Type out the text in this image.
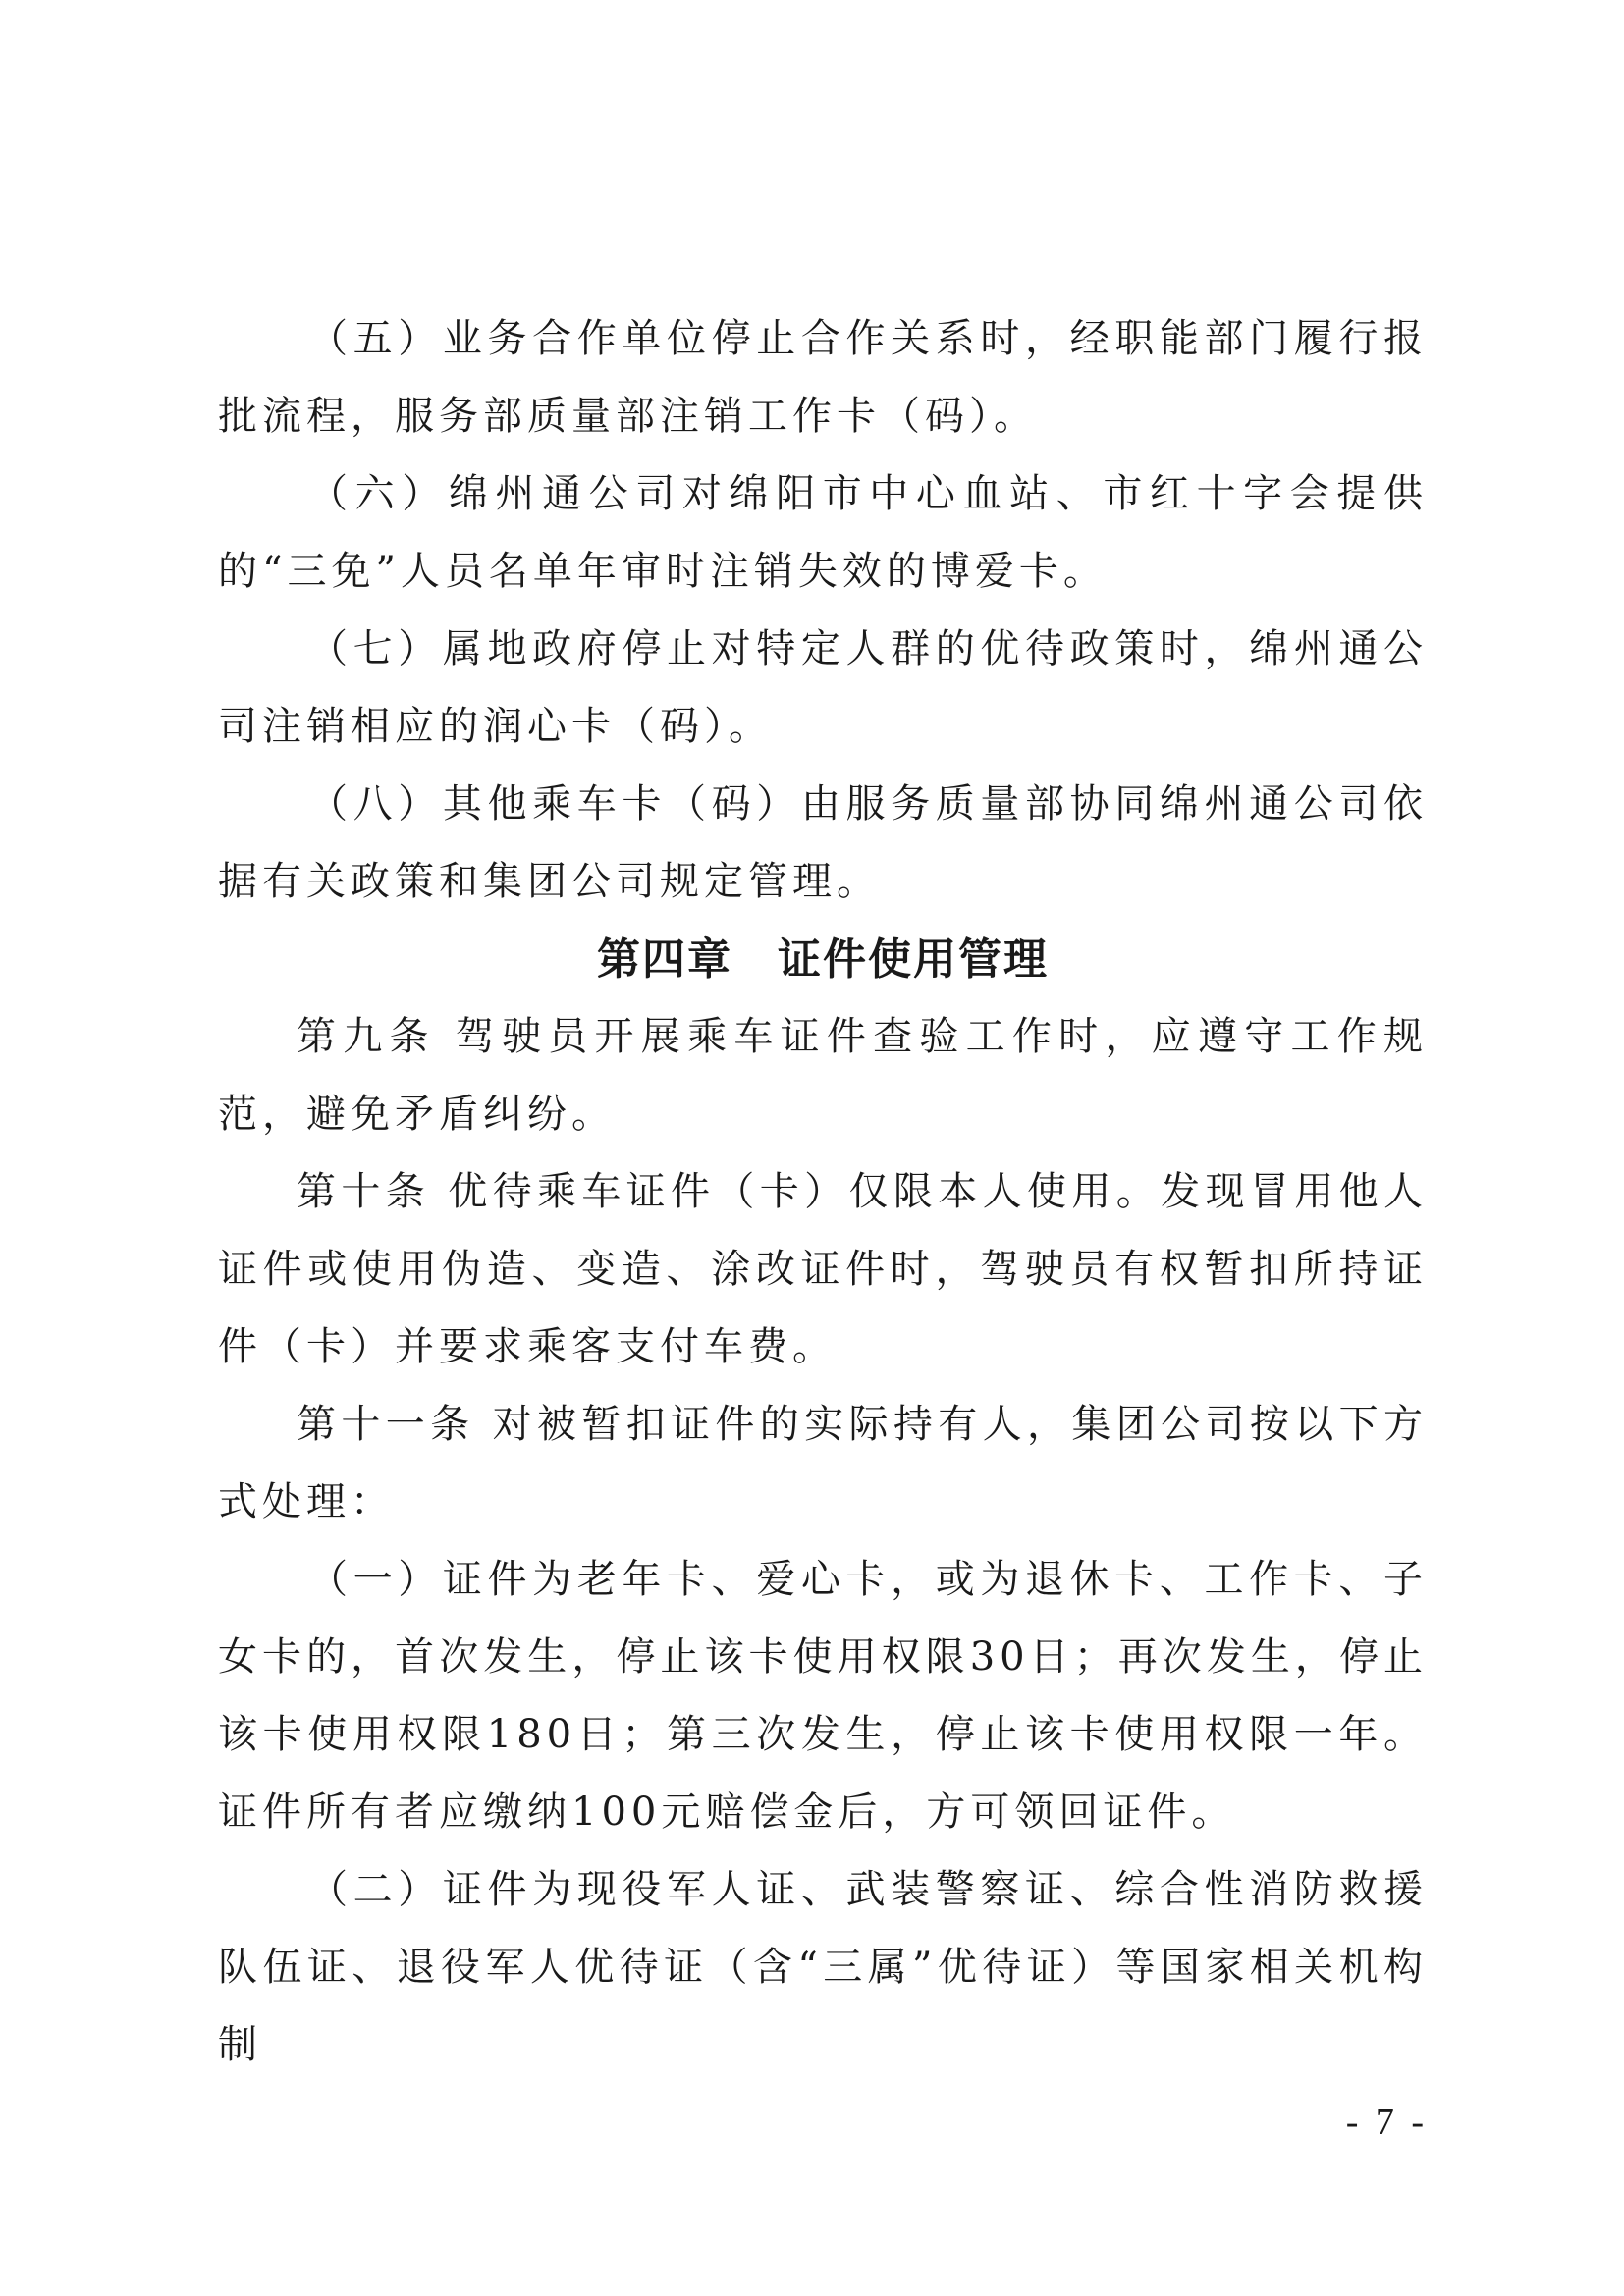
（五）业务合作单位停止合作关系时，经职能部门履行报批流程，服务部质量部注销工作卡（码）。

（六）绵州通公司对绵阳市中心血站、市红十字会提供的“三免”人员名单年审时注销失效的博爱卡。

（七）属地政府停止对特定人群的优待政策时，绵州通公司注销相应的润心卡（码）。

（八）其他乘车卡（码）由服务质量部协同绵州通公司依据有关政策和集团公司规定管理。

第四章　证件使用管理

第九条 驾驶员开展乘车证件查验工作时，应遵守工作规范，避免矛盾纠纷。

第十条 优待乘车证件（卡）仅限本人使用。发现冒用他人证件或使用伪造、变造、涂改证件时，驾驶员有权暂扣所持证件（卡）并要求乘客支付车费。

第十一条 对被暂扣证件的实际持有人，集团公司按以下方式处理：

（一）证件为老年卡、爱心卡，或为退休卡、工作卡、子女卡的，首次发生，停止该卡使用权限30日；再次发生，停止该卡使用权限180日；第三次发生，停止该卡使用权限一年。证件所有者应缴纳100元赔偿金后，方可领回证件。

（二）证件为现役军人证、武装警察证、综合性消防救援队伍证、退役军人优待证（含“三属”优待证）等国家相关机构制

- 7 -
